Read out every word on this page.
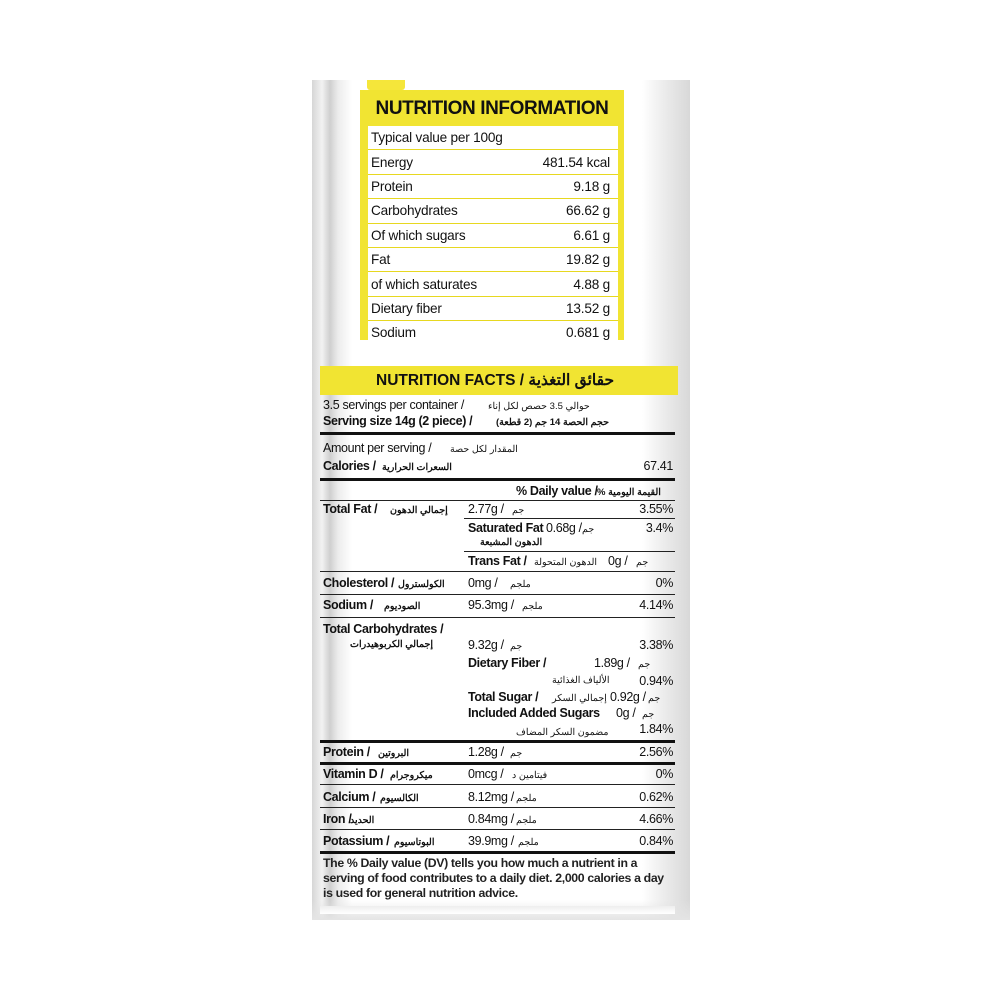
NUTRITION INFORMATION
Typical value per 100g
Energy	481.54 kcal
Protein	9.18 g
Carbohydrates	66.62 g
Of which sugars	6.61 g
Fat	19.82 g
of which saturates	4.88 g
Dietary fiber	13.52 g
Sodium	0.681 g
NUTRITION FACTS / حقائق التغذية
3.5 servings per container /	حوالي 3.5 حصص لكل إناء
Serving size 14g (2 piece) / حجم الحصة 14 جم (2 قطعة)
Amount per serving / المقدار لكل حصة
Calories / السعرات الحرارية	67.41
% Daily value / % القيمة اليومية
Total Fat / إجمالي الدهون 2.77g / جم	3.55%
Saturated Fat 0.68g / جم	3.4%
الدهون المشبعة
Trans Fat / الدهون المتحولة 0g / جم
Cholesterol / الكولسترول 0mg / ملجم	0%
Sodium / الصوديوم	95.3mg / ملجم	4.14%
Total Carbohydrates /
إجمالي الكربوهيدرات	9.32g / جم	3.38%
Dietary Fiber /	1.89g / جم
الألياف الغذائية 0.94%
Total Sugar / إجمالي السكر 0.92g / جم
Included Added Sugars 0g / جم
مضمون السكر المضاف 1.84%
Protein / البروتين	1.28g / جم	2.56%
Vitamin D / ميكروجرام	0mcg / فيتامين د	0%
Calcium / الكالسيوم	8.12mg / ملجم	0.62%
Iron /
الحديد	0.84mg / ملجم	4.66%
Potassium / البوتاسيوم	39.9mg / ملجم	0.84%
The % Daily value (DV) tells you how much a nutrient in a serving of food contributes to a daily diet. 2,000 calories a day is used for general nutrition advice.
